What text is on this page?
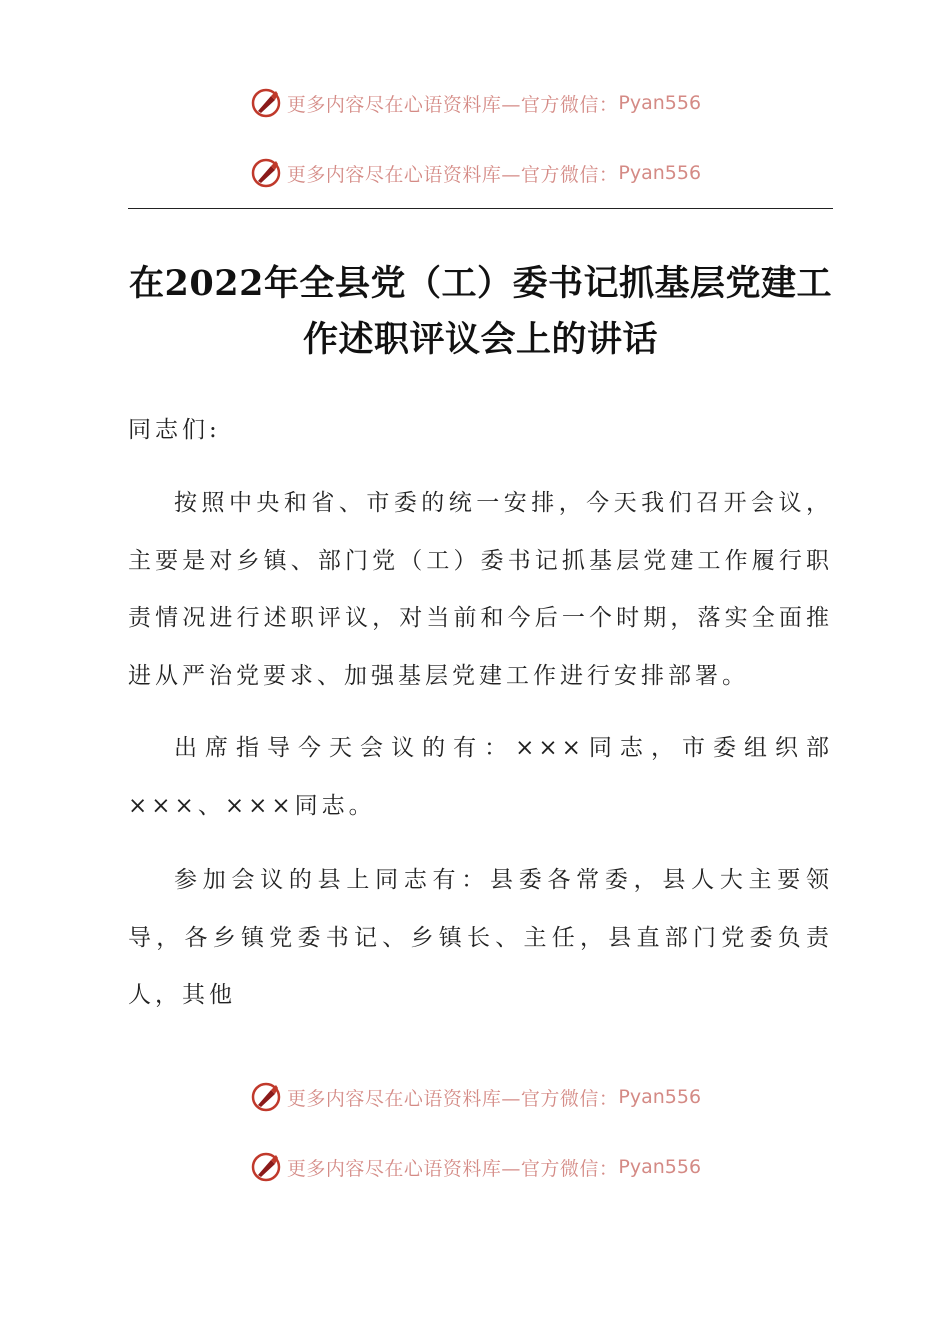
更多内容尽在心语资料库—官方微信： Pyan556
更多内容尽在心语资料库—官方微信： Pyan556
在2022年全县党（工）委书记抓基层党建工
作述职评议会上的讲话
同志们:

按照中央和省、市委的统一安排，今天我们召开会议，主要是对乡镇、部门党（工）委书记抓基层党建工作履行职责情况进行述职评议，对当前和今后一个时期，落实全面推进从严治党要求、加强基层党建工作进行安排部署。

出席指导今天会议的有：×××同志，市委组织部×××、×××同志。

参加会议的县上同志有：县委各常委，县人大主要领导，各乡镇党委书记、乡镇长、主任，县直部门党委负责人，其他

更多内容尽在心语资料库—官方微信： Pyan556
更多内容尽在心语资料库—官方微信： Pyan556
